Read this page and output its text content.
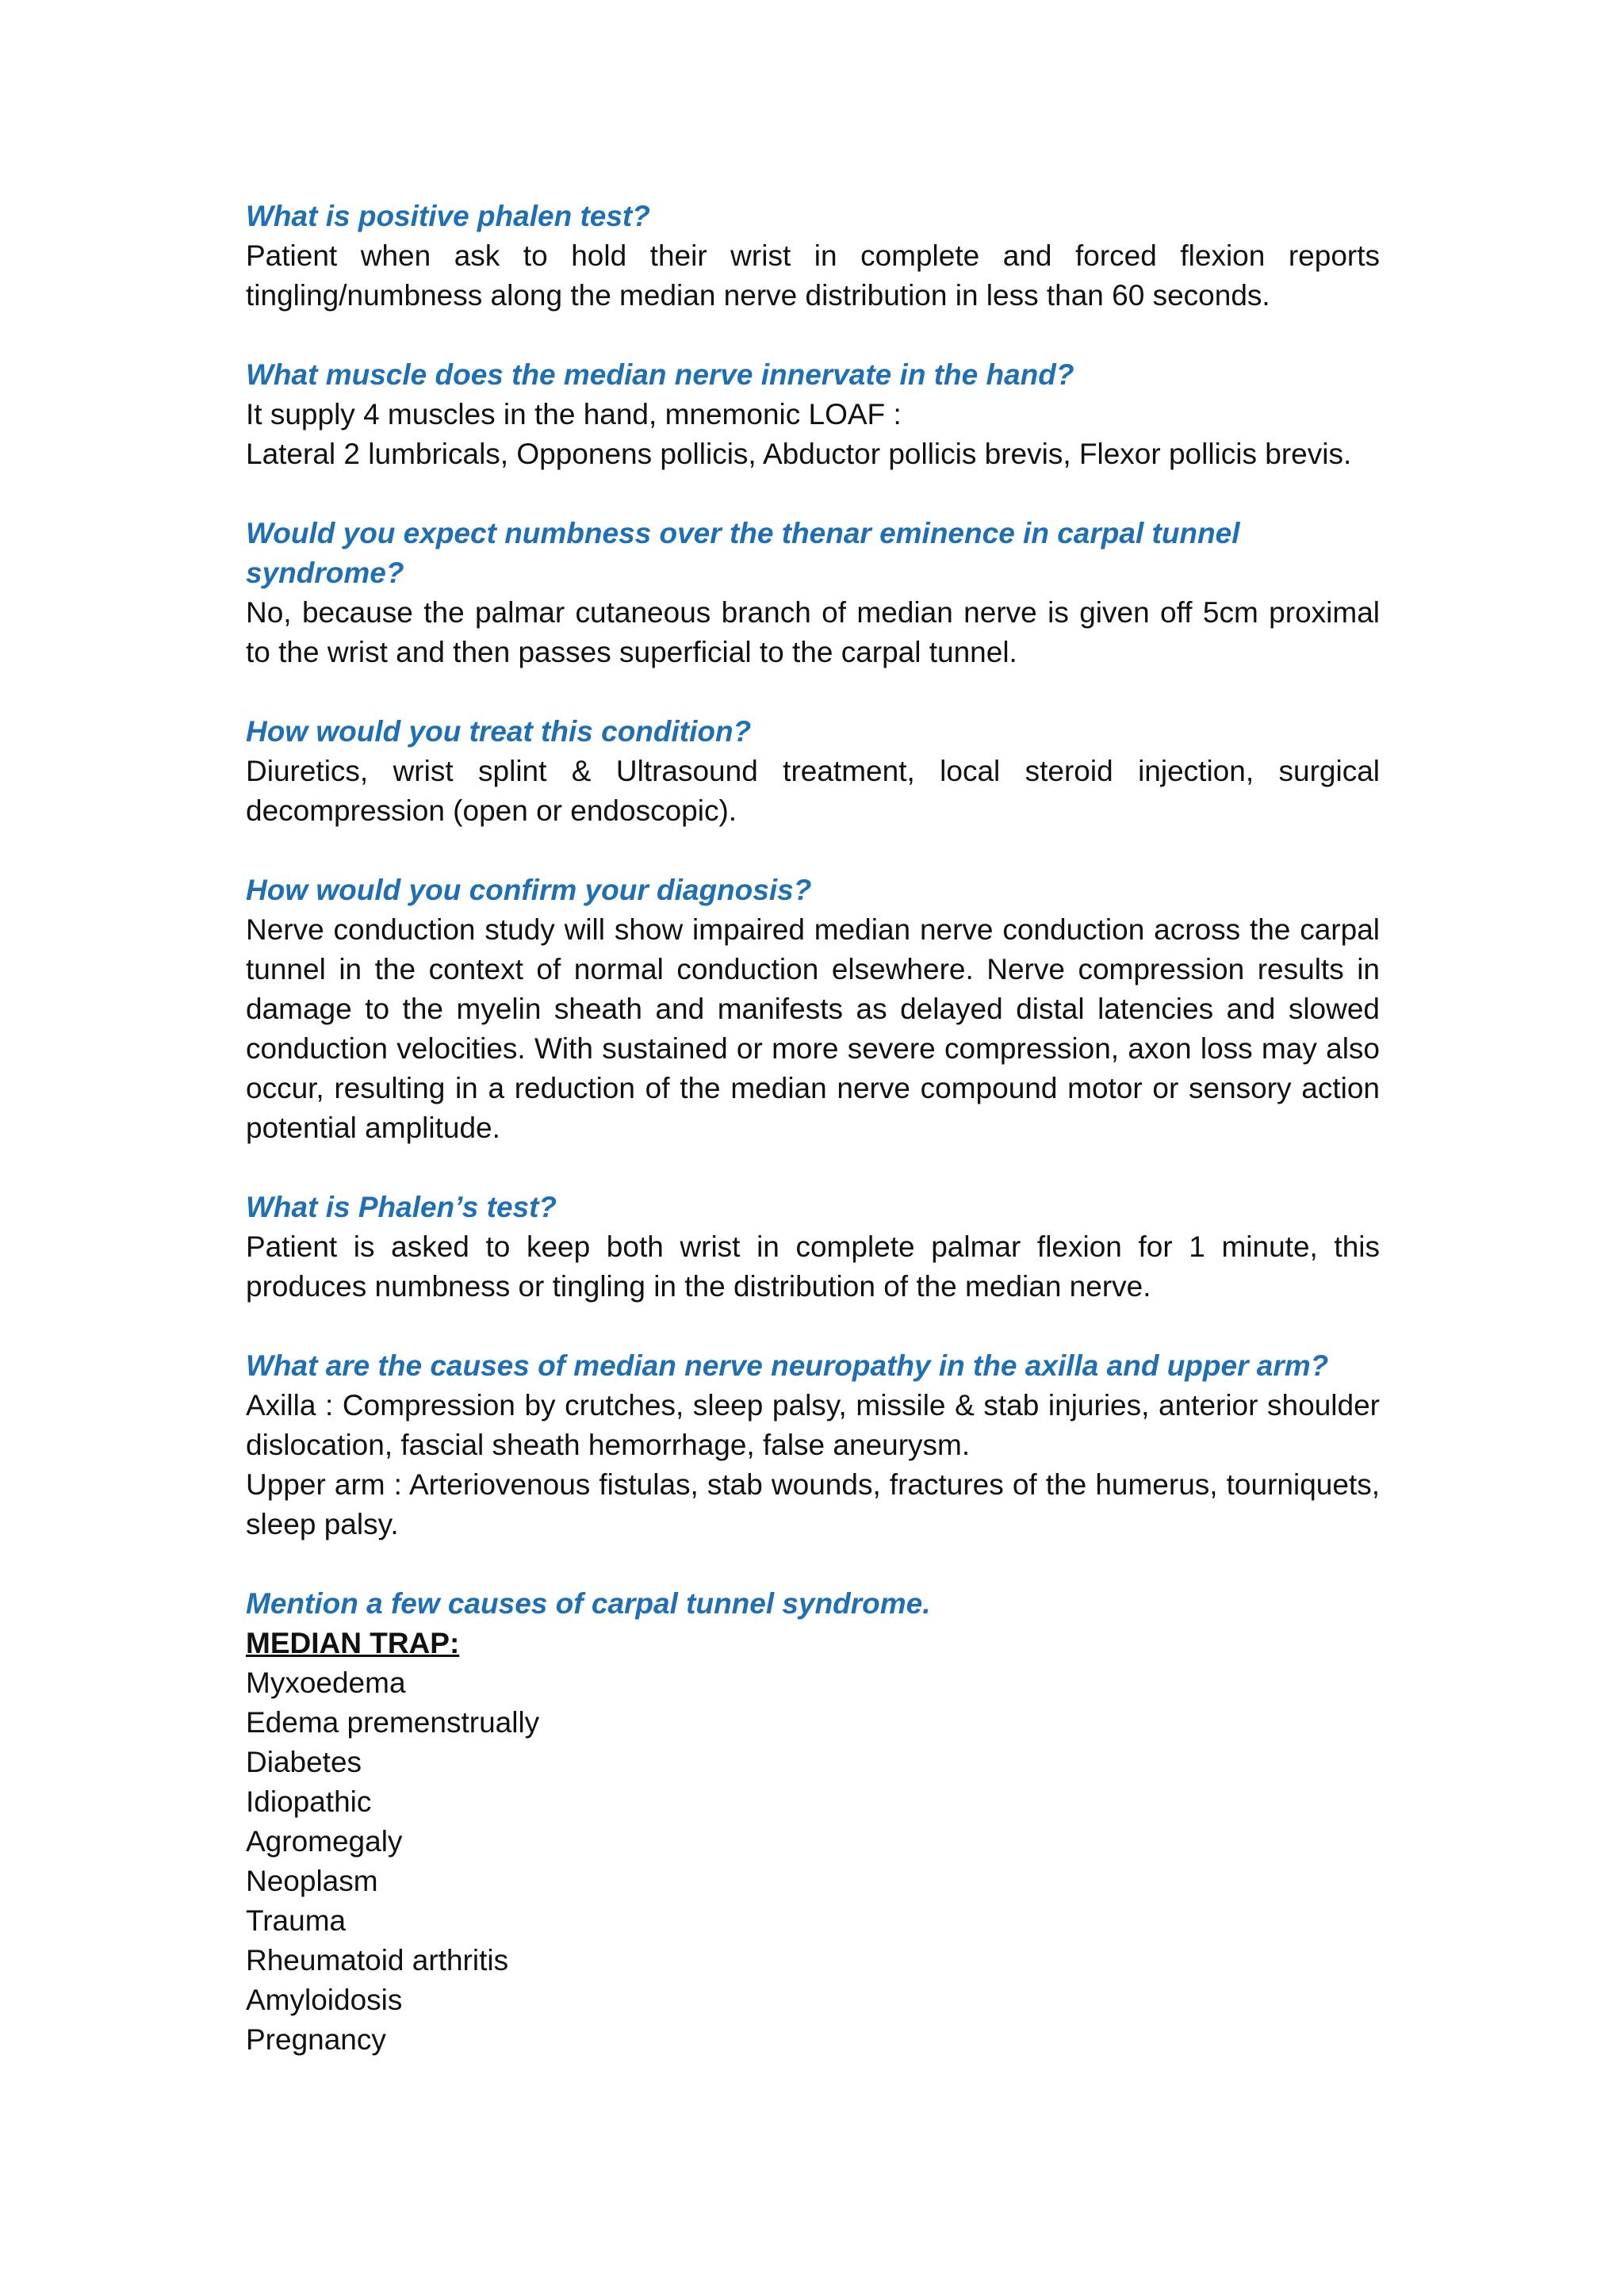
What is positive phalen test?

Patient when ask to hold their wrist in complete and forced flexion reports tingling/numbness along the median nerve distribution in less than 60 seconds.

What muscle does the median nerve innervate in the hand?

It supply 4 muscles in the hand, mnemonic LOAF :

Lateral 2 lumbricals, Opponens pollicis, Abductor pollicis brevis, Flexor pollicis brevis.

Would you expect numbness over the thenar eminence in carpal tunnel syndrome?

No, because the palmar cutaneous branch of median nerve is given off 5cm proximal to the wrist and then passes superficial to the carpal tunnel.

How would you treat this condition?

Diuretics, wrist splint & Ultrasound treatment, local steroid injection, surgical decompression (open or endoscopic).

How would you confirm your diagnosis?

Nerve conduction study will show impaired median nerve conduction across the carpal tunnel in the context of normal conduction elsewhere. Nerve compression results in damage to the myelin sheath and manifests as delayed distal latencies and slowed conduction velocities. With sustained or more severe compression, axon loss may also occur, resulting in a reduction of the median nerve compound motor or sensory action potential amplitude.

What is Phalen’s test?

Patient is asked to keep both wrist in complete palmar flexion for 1 minute, this produces numbness or tingling in the distribution of the median nerve.

What are the causes of median nerve neuropathy in the axilla and upper arm?

Axilla : Compression by crutches, sleep palsy, missile & stab injuries, anterior shoulder dislocation, fascial sheath hemorrhage, false aneurysm.

Upper arm : Arteriovenous fistulas, stab wounds, fractures of the humerus, tourniquets, sleep palsy.

Mention a few causes of carpal tunnel syndrome.
MEDIAN TRAP:
Myxoedema
Edema premenstrually
Diabetes
Idiopathic
Agromegaly
Neoplasm
Trauma
Rheumatoid arthritis
Amyloidosis
Pregnancy
